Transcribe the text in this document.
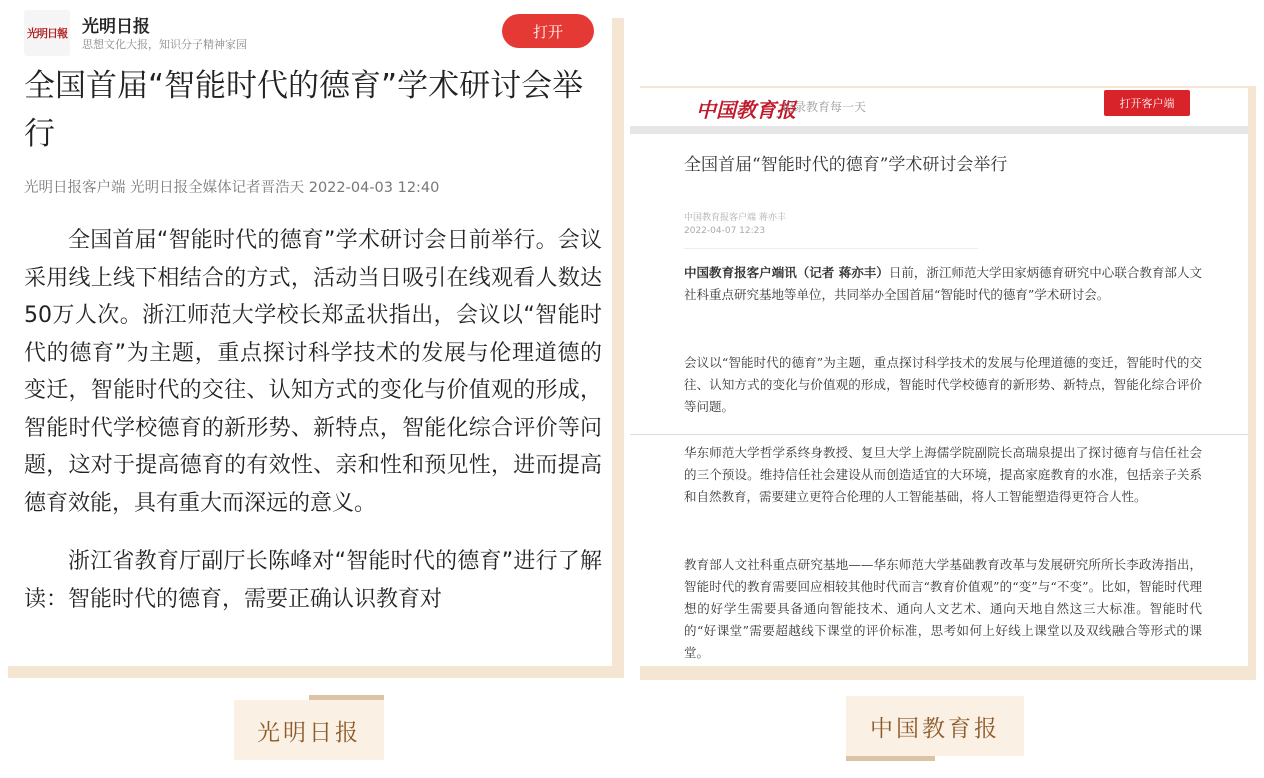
光明日報 光明日报
思想文化大报，知识分子精神家园
打开
全国首届“智能时代的德育”学术研讨会举行
光明日报客户端 光明日报全媒体记者晋浩天 2022-04-03 12:40

全国首届“智能时代的德育”学术研讨会日前举行。会议采用线上线下相结合的方式，活动当日吸引在线观看人数达50万人次。浙江师范大学校长郑孟状指出，会议以“智能时代的德育”为主题，重点探讨科学技术的发展与伦理道德的变迁，智能时代的交往、认知方式的变化与价值观的形成，智能时代学校德育的新形势、新特点，智能化综合评价等问题，这对于提高德育的有效性、亲和性和预见性，进而提高德育效能，具有重大而深远的意义。

浙江省教育厅副厅长陈峰对“智能时代的德育”进行了解读：智能时代的德育，需要正确认识教育对

中国教育报
记录教育每一天	打开客户端
全国首届“智能时代的德育”学术研讨会举行
中国教育报客户端 蒋亦丰
2022-04-07 12:23
中国教育报客户端讯（记者 蒋亦丰）日前，浙江师范大学田家炳德育研究中心联合教育部人文社科重点研究基地等单位，共同举办全国首届“智能时代的德育”学术研讨会。
会议以“智能时代的德育”为主题，重点探讨科学技术的发展与伦理道德的变迁，智能时代的交往、认知方式的变化与价值观的形成，智能时代学校德育的新形势、新特点，智能化综合评价等问题。
华东师范大学哲学系终身教授、复旦大学上海儒学院副院长高瑞泉提出了探讨德育与信任社会的三个预设。维持信任社会建设从而创造适宜的大环境，提高家庭教育的水准，包括亲子关系和自然教育，需要建立更符合伦理的人工智能基础，将人工智能塑造得更符合人性。
教育部人文社科重点研究基地——华东师范大学基础教育改革与发展研究所所长李政涛指出，智能时代的教育需要回应相较其他时代而言“教育价值观”的“变”与“不变”。比如，智能时代理想的好学生需要具备通向智能技术、通向人文艺术、通向天地自然这三大标准。智能时代的“好课堂”需要超越线下课堂的评价标准，思考如何上好线上课堂以及双线融合等形式的课堂。
光明日报	中国教育报
